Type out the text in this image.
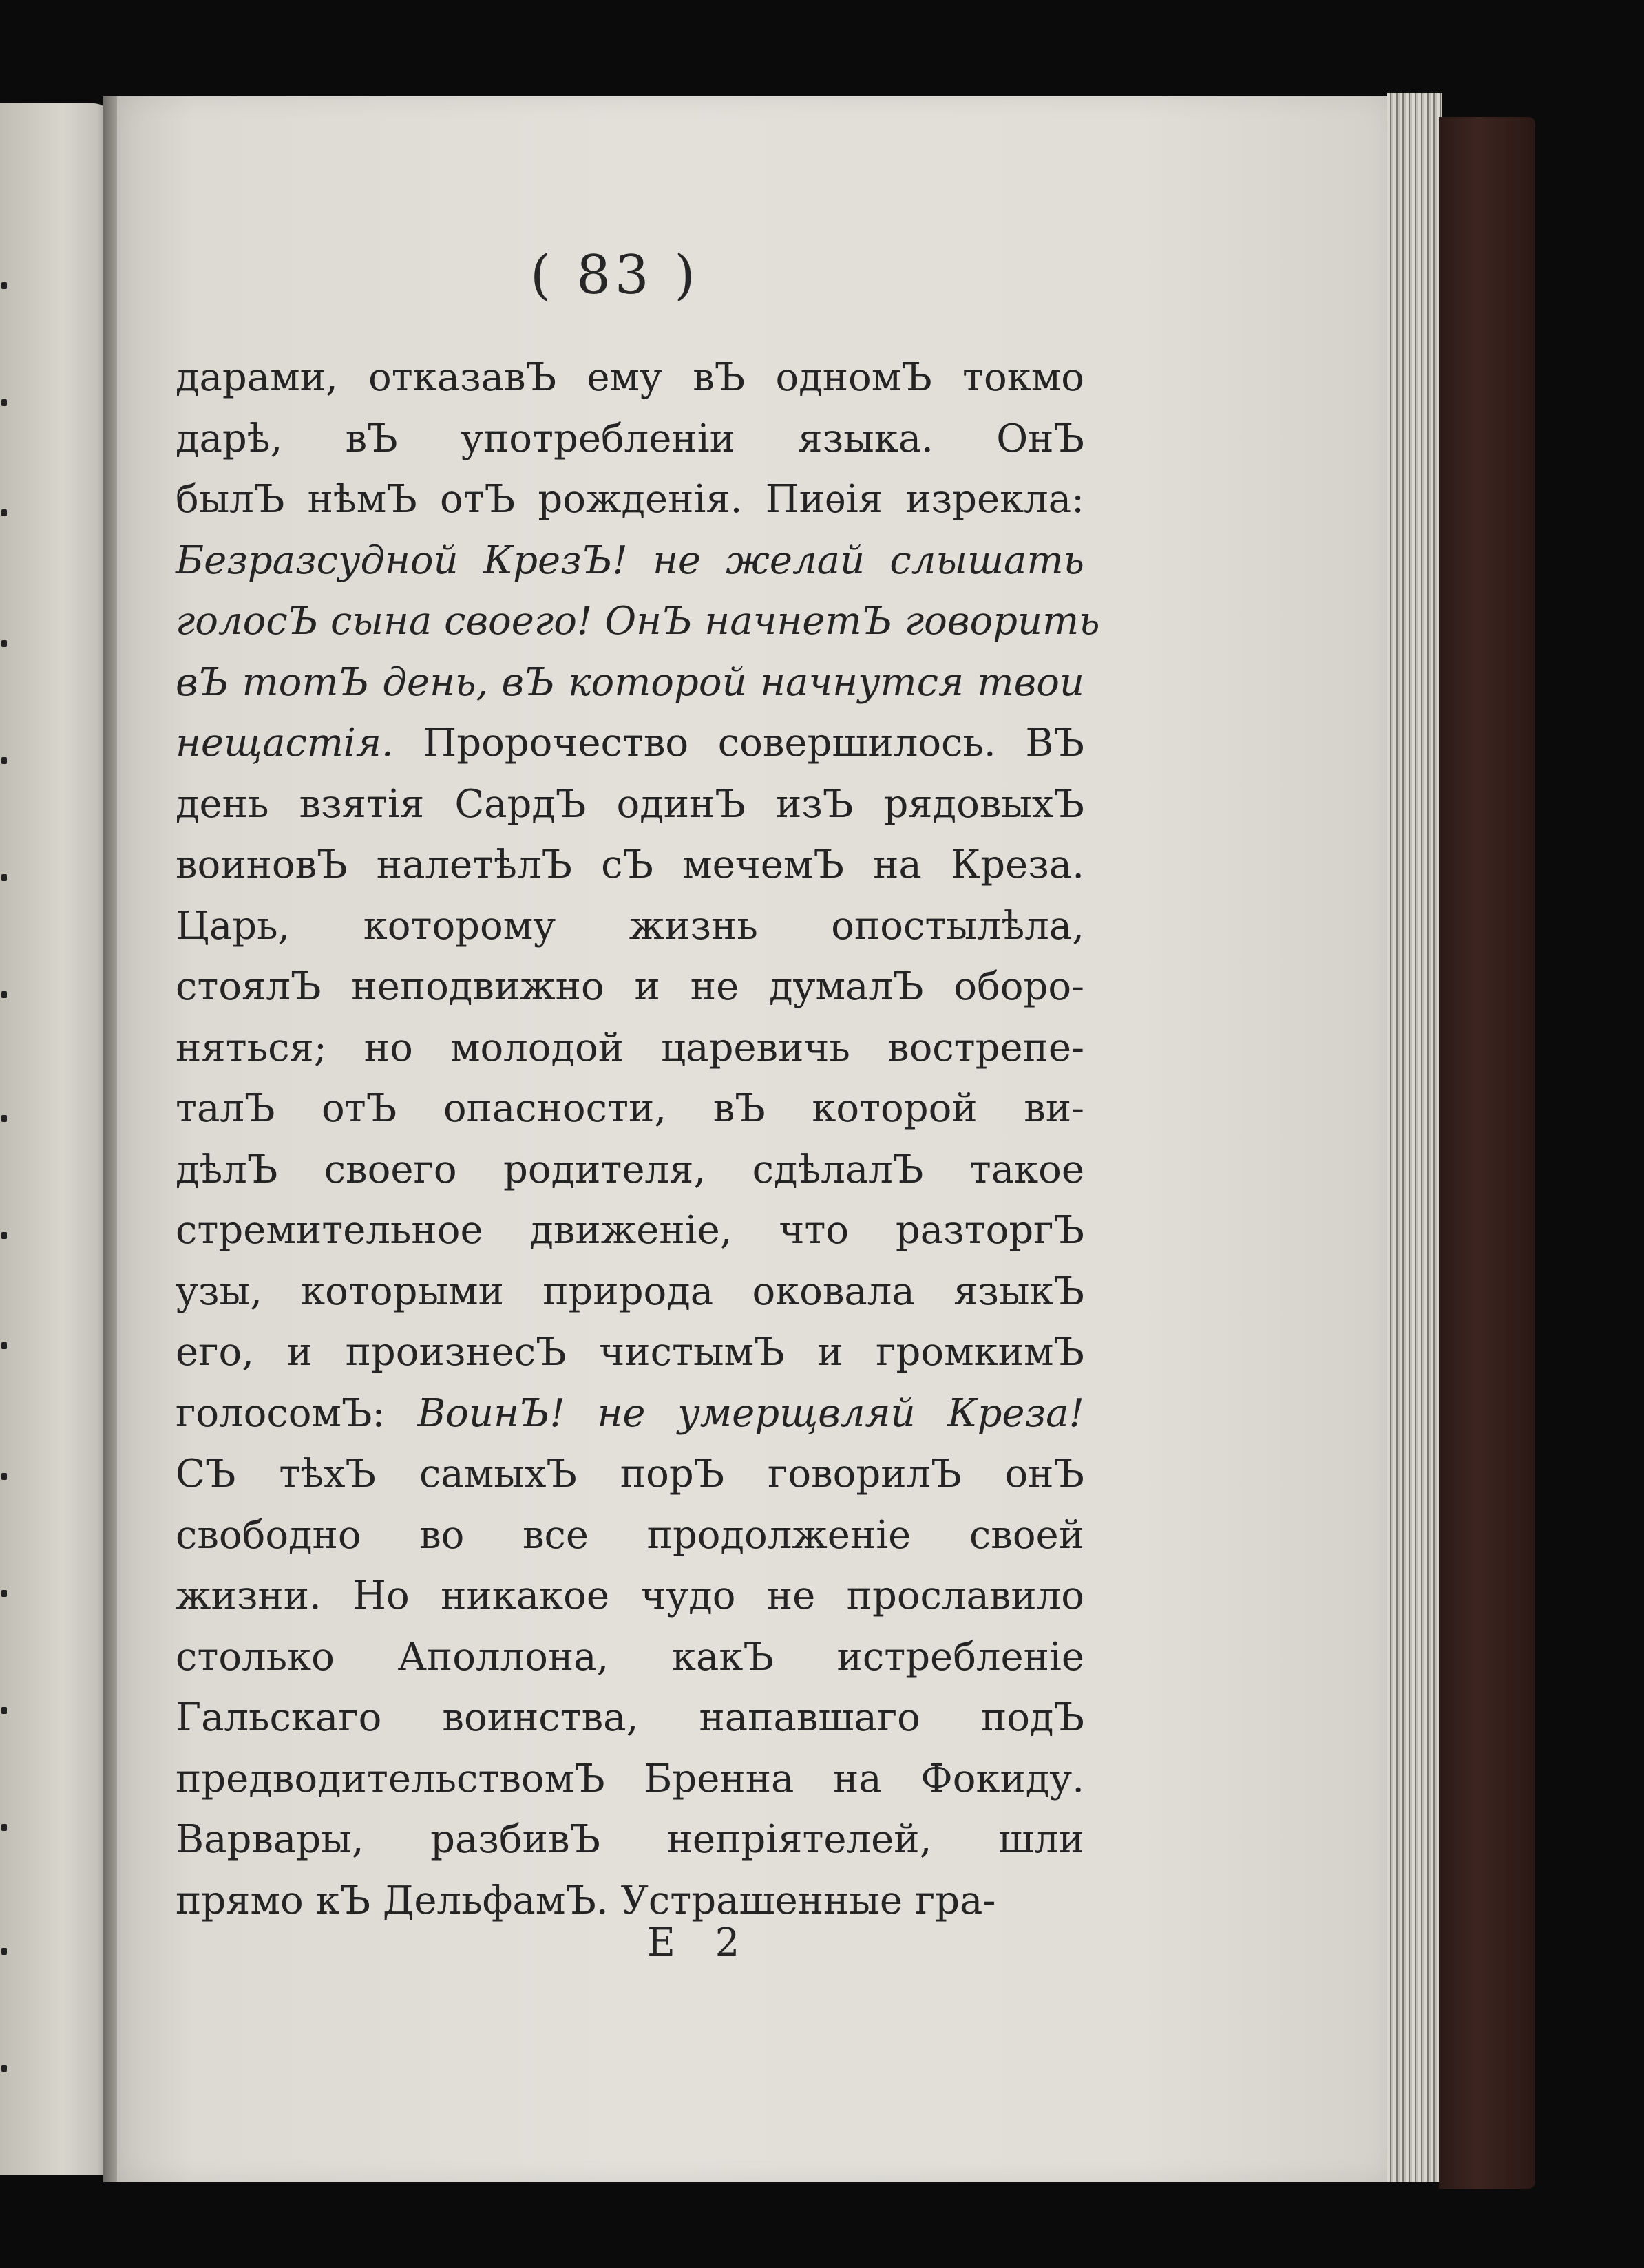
( 83 )

дарами, отказавЪ ему вЪ одномЪ токмо
дарѣ, вЪ употребленіи языка. ОнЪ
былЪ нѣмЪ отЪ рожденія. Пиѳія изрекла:
Безразсудной КрезЪ! не желай слышать
голосЪ сына своего! ОнЪ начнетЪ говорить
вЪ тотЪ день, вЪ которой начнутся твои
нещастія. Пророчество совершилось. ВЪ
день взятія СардЪ одинЪ изЪ рядовыхЪ
воиновЪ налетѣлЪ сЪ мечемЪ на Креза.
Царь, которому жизнь опостылѣла,
стоялЪ неподвижно и не думалЪ оборо-
няться; но молодой царевичь вострепе-
талЪ отЪ опасности, вЪ которой ви-
дѣлЪ своего родителя, сдѣлалЪ такое
стремительное движеніе, что разторгЪ
узы, которыми природа оковала языкЪ
его, и произнесЪ чистымЪ и громкимЪ
голосомЪ: ВоинЪ! не умерщвляй Креза!
СЪ тѣхЪ самыхЪ порЪ говорилЪ онЪ
свободно во все продолженіе своей
жизни. Но никакое чудо не прославило
столько Аполлона, какЪ истребленіе
Гальскаго воинства, напавшаго подЪ
предводительствомЪ Бренна на Фокиду.
Варвары, разбивЪ непріятелей, шли
прямо кЪ ДельфамЪ. Устрашенные гра-

E 2
